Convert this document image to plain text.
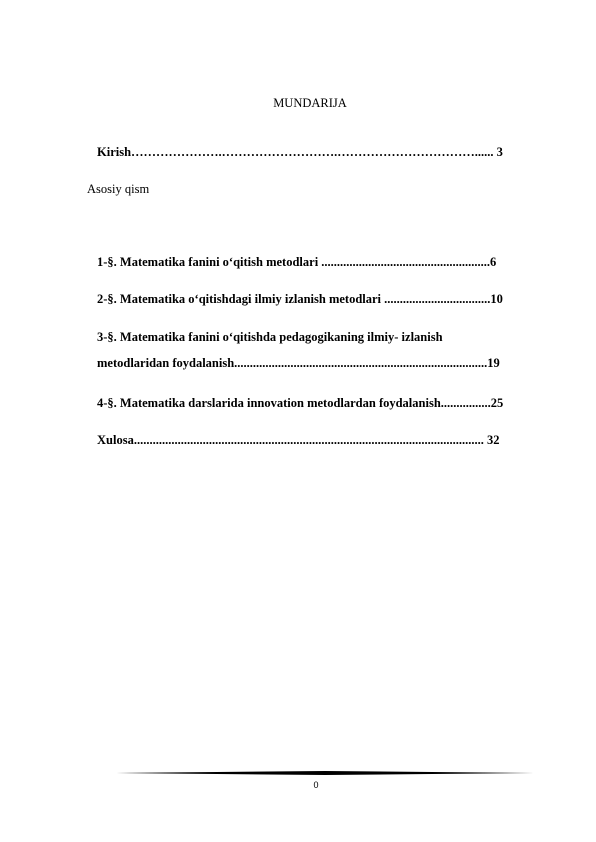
MUNDARIJA
Kirish………………….……………………….……………………………...... 3
Asosiy qism
1-§. Matematika fanini o‘qitish metodlari ......................................................6
2-§. Matematika o‘qitishdagi ilmiy izlanish metodlari ..................................10
3-§. Matematika fanini o‘qitishda pedagogikaning ilmiy- izlanish
metodlaridan foydalanish.................................................................................19
4-§. Matematika darslarida innovation metodlardan foydalanish................25
Xulosa................................................................................................................ 32
0
